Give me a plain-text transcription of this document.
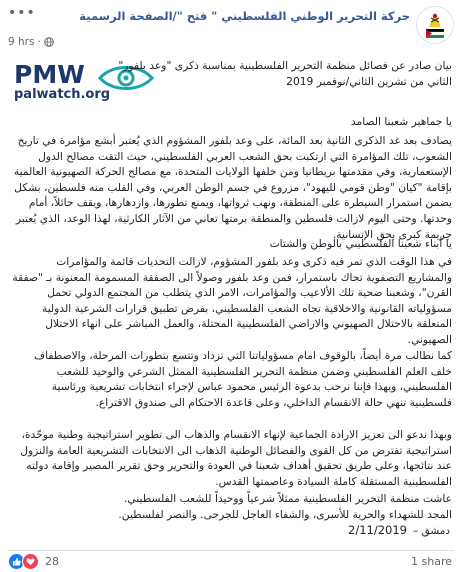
•••
9 hrs ·
حركة التحرير الوطني الفلسطيني " فتح "/الصفحة الرسمية
PMW
palwatch.org
بيان صادر عن فصائل منظمة التحرير الفلسطينية بمناسبة ذكرى "وعد بلفور"
الثاني من تشرين الثاني/نوفمبر 2019
يا جماهير شعبنا الصامد

يصادف بعد غد الذكرى الثانية بعد المائة، على وعد بلفور المشؤوم الذي يُعتبر أبشع مؤامرة في تاريخ الشعوب، تلك المؤامرة التي ارتكبت بحق الشعب العربي الفلسطيني، حيث التقت مصالح الدول الإستعمارية، وفي مقدمتها بريطانيا ومن خلفها الولايات المتحدة، مع مصالح الحركة الصهيونية العالمية بإقامة "كيان "وطن قومي لليهود"، مزروع في جسم الوطن العربي، وفي القلب منه فلسطين، بشكل يضمن استمرار السيطرة على المنطقة، ونهب ثرواتها، ويمنع تطورها، وازدهارها، ويقف حائلاً، أمام وحدتها. وحتى اليوم لازالت فلسطين والمنطقة برمتها تعاني من الآثار الكارثية، لهذا الوعد، الذي يُعتبر جريمة كبرى بحق الإنسانية.

يا أبناء شعبنا الفلسطيني بالوطن والشتات

في هذا الوقت الذي تمر فيه ذكرى وعد بلفور المشؤوم، لازالت التحديات قائمة والمؤامرات والمشاريع التصفوية تحاك باستمرار، فمن وعد بلفور وصولاً الى الصفقة المسمومة المعنونة بـ "صفقة القرن"، وشعبنا ضحية تلك الألاعيب والمؤامرات، الامر الذي يتطلب من المجتمع الدولي تحمل مسؤولياته القانونية والاخلاقية تجاه الشعب الفلسطيني، بفرض تطبيق قرارات الشرعية الدولية المتعلقة بالاحتلال الصهيوني والاراضي الفلسطينية المحتلة، والعمل المباشر على انهاء الاحتلال الصهيوني.

كما نطالب مرة أيضاً، بالوقوف امام مسؤولياتنا التي تزداد وتتسع بتطورات المرحلة، والاصطفاف خلف العلم الفلسطيني وضمن منظمة التحرير الفلسطينية الممثل الشرعي والوحيد للشعب الفلسطيني، وبهذا فإننا نرحب بدعوة الرئيس محمود عباس لإجراء انتخابات تشريعية ورئاسية فلسطينية تنهي حالة الانقسام الداخلي، وعلى قاعدة الاحتكام الى صندوق الاقتراع.

وبهذا ندعو الى تعزيز الارادة الجماعية لإنهاء الانقسام والذهاب الى تطوير استراتيجية وطنية موحّدة، استراتيجية تفترض من كل القوى والفصائل الوطنية الذهاب الى الانتخابات التشريعية العامة والنزول عند نتائجها، وعلى طريق تحقيق أهداف شعبنا في العودة والتحرير وحق تقرير المصير وإقامة دولته الفلسطينية المستقلة كاملة السيادة وعاصمتها القدس.

عاشت منظمة التحرير الفلسطينية ممثلاً شرعياً ووحيداً للشعب الفلسطيني.

المجد للشهداء والحرية للأسرى، والشفاء العاجل للجرحى. والنصر لفلسطين.

2/11/2019 دمشق –
28	1 share
